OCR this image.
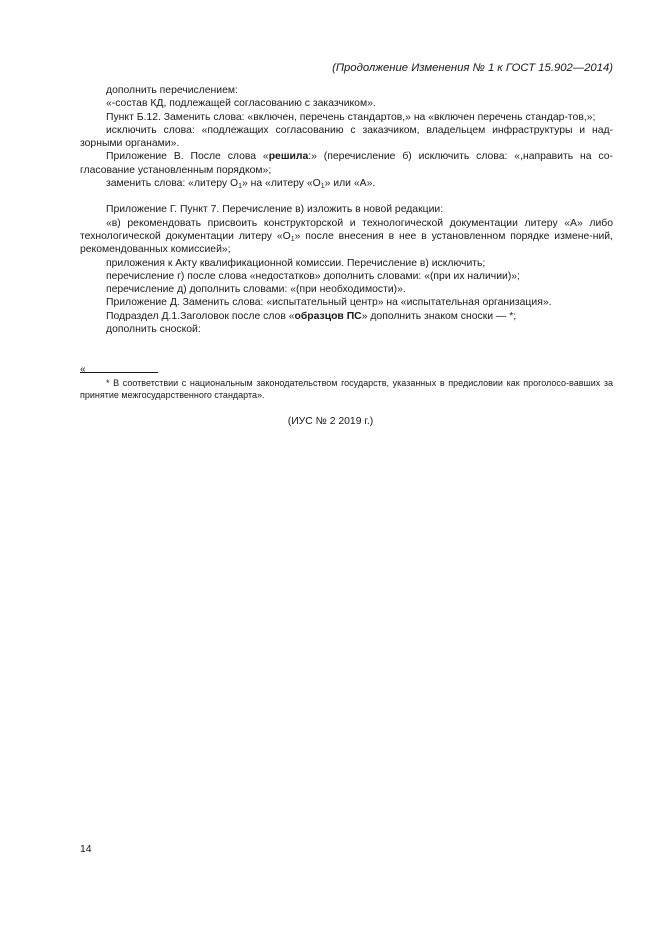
(Продолжение Изменения № 1 к ГОСТ 15.902—2014)

дополнить перечислением:

«-состав КД, подлежащей согласованию с заказчиком».

Пункт Б.12. Заменить слова: «включен, перечень стандартов,» на «включен перечень стандар-тов,»;

исключить слова: «подлежащих согласованию с заказчиком, владельцем инфраструктуры и над-зорными органами».

Приложение В. После слова «решила:» (перечисление б) исключить слова: «,направить на со-гласование установленным порядком»;

заменить слова: «литеру $О_1$» на «литеру «$О_1$» или «А».

Приложение Г. Пункт 7. Перечисление в) изложить в новой редакции:

«в) рекомендовать присвоить конструкторской и технологической документации литеру «А» либо технологической документации литеру «$О_1$» после внесения в нее в установленном порядке измене-ний, рекомендованных комиссией»;

приложения к Акту квалификационной комиссии. Перечисление в) исключить;

перечисление г) после слова «недостатков» дополнить словами: «(при их наличии)»;

перечисление д) дополнить словами: «(при необходимости)».

Приложение Д. Заменить слова: «испытательный центр» на «испытательная организация».

Подраздел Д.1.Заголовок после слов «образцов ПС» дополнить знаком сноски — *;

дополнить сноской:

«

* В соответствии с национальным законодательством государств, указанных в предисловии как проголосо-вавших за принятие межгосударственного стандарта».

(ИУС № 2 2019 г.)
14
